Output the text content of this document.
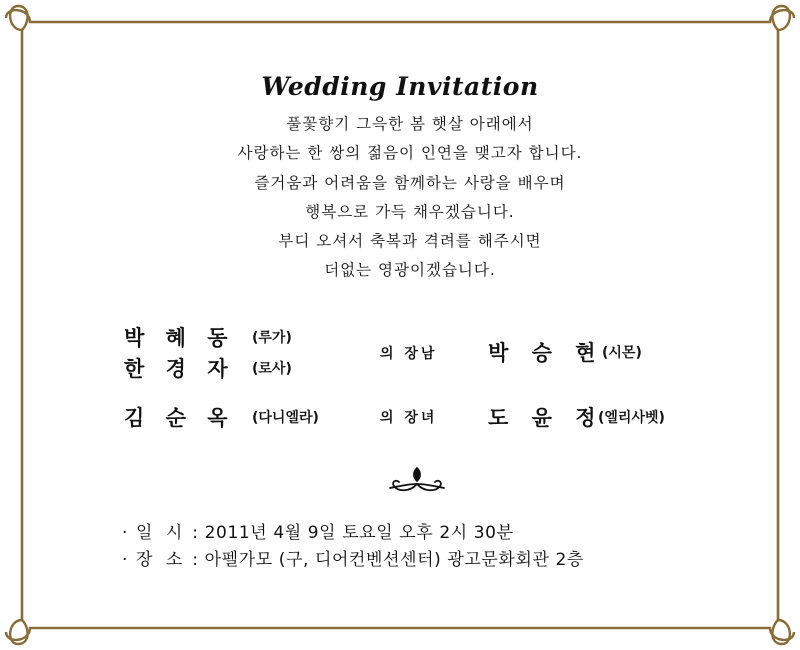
Wedding Invitation
풀꽃향기 그윽한 봄 햇살 아래에서
사랑하는 한 쌍의 젊음이 인연을 맺고자 합니다.
즐거움과 어려움을 함께하는 사랑을 배우며
행복으로 가득 채우겠습니다.
부디 오셔서 축복과 격려를 해주시면
더없는 영광이겠습니다.
박 혜 동 (루가)
한 경 자 (로사)
의 장남 박 승 현
(시몬)
김 순 옥 (다니엘라)	의 장녀 도 윤 정
(엘리사벳)
· 일 시 : 2011년 4월 9일 토요일 오후 2시 30분
· 장 소 : 아펠가모 (구, 디어컨벤션센터) 광고문화회관 2층
